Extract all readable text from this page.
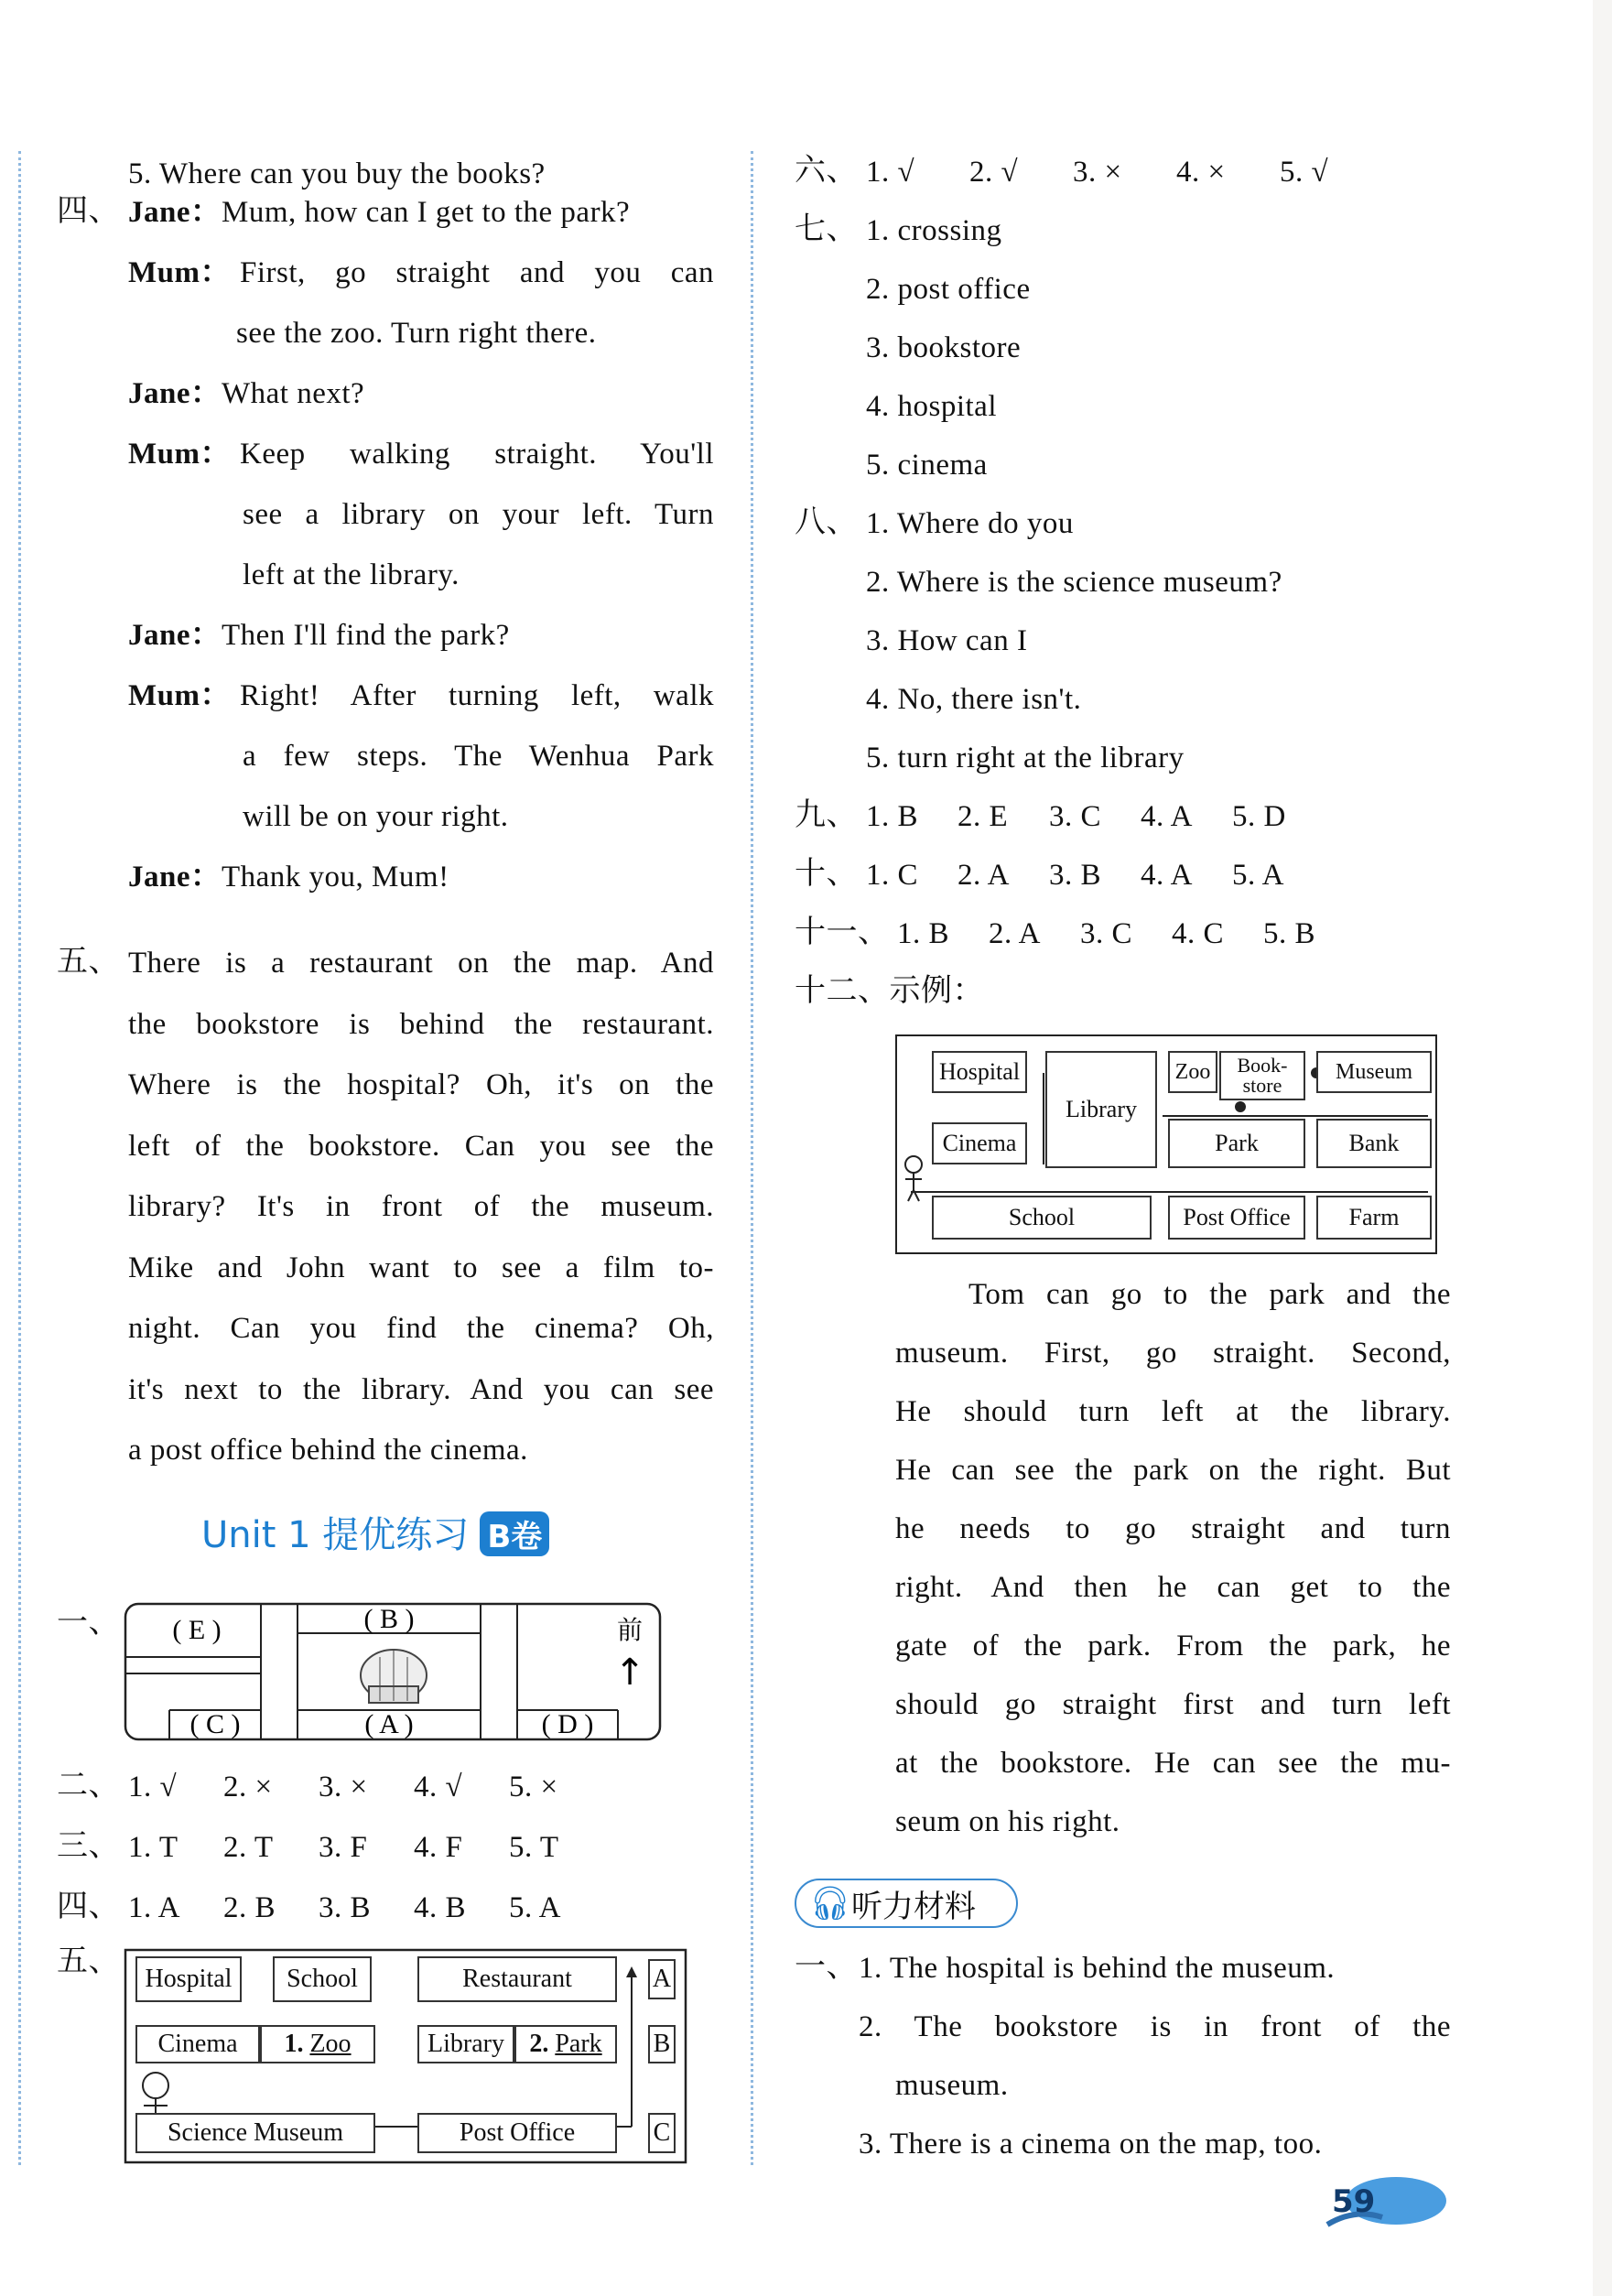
5. Where can you buy the books?
四、 Jane： Mum, how can I get to the park?
Mum： First, go straight and you can
see the zoo. Turn right there.
Jane： What next?
Mum： Keep walking straight. You'll
see a library on your left. Turn
left at the library.
Jane： Then I'll find the park?
Mum： Right! After turning left, walk
a few steps. The Wenhua Park
will be on your right.
Jane： Thank you, Mum!
五、 There is a restaurant on the map. And
the bookstore is behind the restaurant.
Where is the hospital? Oh, it's on the
left of the bookstore. Can you see the
library? It's in front of the museum.
Mike and John want to see a film to-
night. Can you find the cinema? Oh,
it's next to the library. And you can see
a post office behind the cinema.
Unit 1 提优练习 B卷
一、 ( E )	( B )
( C )	( A )	( D )
前
↑
二、 1. √ 2. × 3. × 4. √ 5. ×
三、 1. T 2. T 3. F 4. F 5. T
四、 1. A 2. B 3. B 4. B 5. A
五、 Hospital	School	Restaurant	A
Cinema	1.
Zoo	Library 2.
Park B
Science Museum	Post Office	C
六、 1. √ 2. √ 3. × 4. × 5. √
七、 1. crossing
2. post office
3. bookstore
4. hospital
5. cinema
八、 1. Where do you
2. Where is the science museum?
3. How can I
4. No, there isn't.
5. turn right at the library
九、 1. B 2. E 3. C 4. A 5. D
十、 1. C 2. A 3. B 4. A 5. A
十一、 1. B 2. A 3. C 4. C 5. B
十二、示例：
Hospital
Library
Zoo	Book-store
Museum
Cinema	Park	Bank
School	Post Office	Farm
Tom can go to the park and the
museum. First, go straight. Second,
He should turn left at the library.
He can see the park on the right. But
he needs to go straight and turn
right. And then he can get to the
gate of the park. From the park, he
should go straight first and turn left
at the bookstore. He can see the mu-
seum on his right.
🎧︎ 听力材料
一、 1. The hospital is behind the museum.
2. The bookstore is in front of the
museum.
3. There is a cinema on the map, too.
59
